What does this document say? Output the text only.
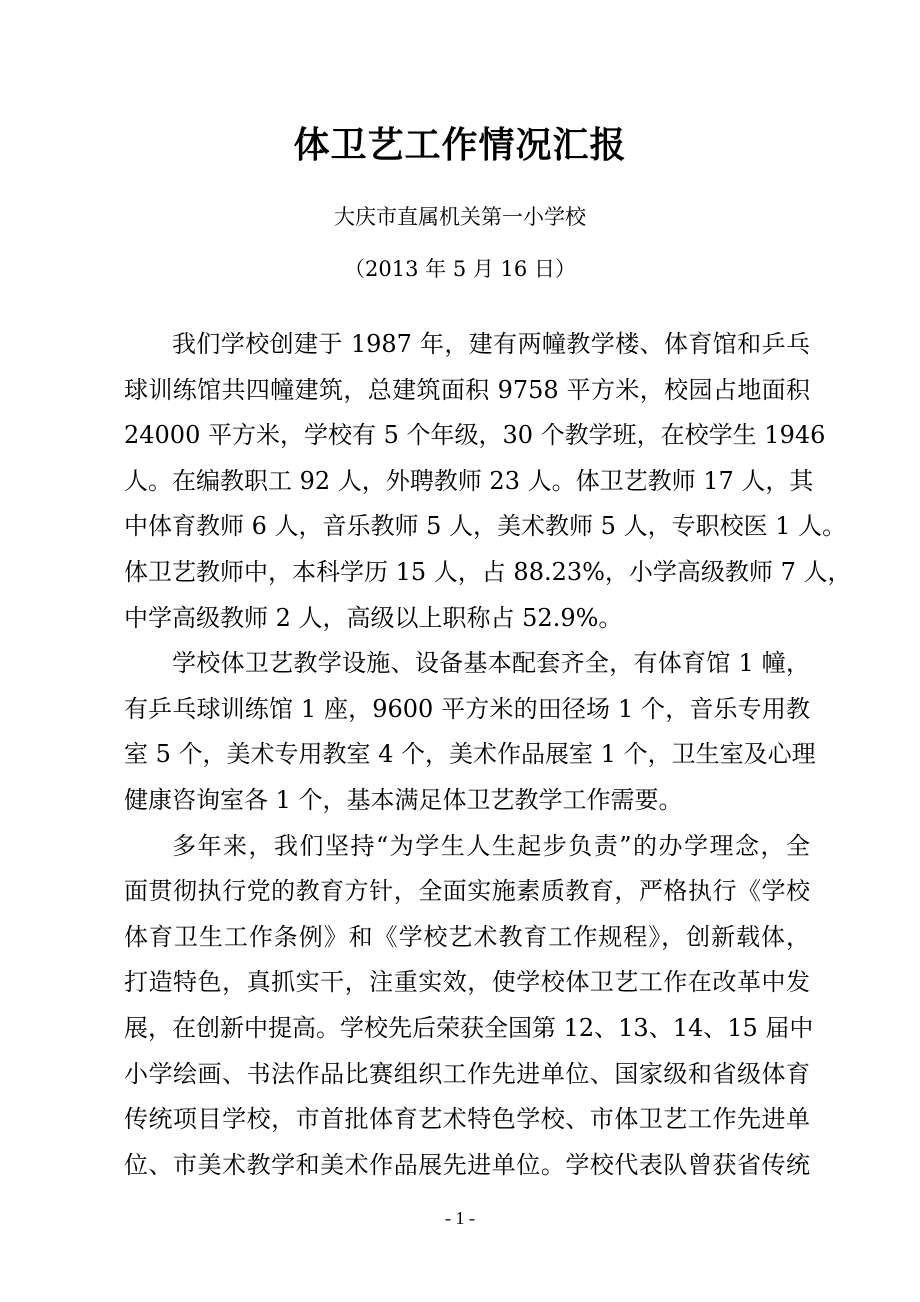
体卫艺工作情况汇报
大庆市直属机关第一小学校
（2013 年 5 月 16 日）
我们学校创建于 1987 年，建有两幢教学楼、体育馆和乒乓
球训练馆共四幢建筑，总建筑面积 9758 平方米，校园占地面积
24000 平方米，学校有 5 个年级，30 个教学班，在校学生 1946
人。在编教职工 92 人，外聘教师 23 人。体卫艺教师 17 人，其
中体育教师 6 人，音乐教师 5 人，美术教师 5 人，专职校医 1 人。
体卫艺教师中，本科学历 15 人，占 88.23%，小学高级教师 7 人，
中学高级教师 2 人，高级以上职称占 52.9%。
学校体卫艺教学设施、设备基本配套齐全，有体育馆 1 幢，
有乒乓球训练馆 1 座，9600 平方米的田径场 1 个，音乐专用教
室 5 个，美术专用教室 4 个，美术作品展室 1 个，卫生室及心理
健康咨询室各 1 个，基本满足体卫艺教学工作需要。
多年来，我们坚持“为学生人生起步负责”的办学理念，全
面贯彻执行党的教育方针，全面实施素质教育，严格执行《学校
体育卫生工作条例》和《学校艺术教育工作规程》，创新载体，
打造特色，真抓实干，注重实效，使学校体卫艺工作在改革中发
展，在创新中提高。学校先后荣获全国第 12、13、14、15 届中
小学绘画、书法作品比赛组织工作先进单位、国家级和省级体育
传统项目学校，市首批体育艺术特色学校、市体卫艺工作先进单
位、市美术教学和美术作品展先进单位。学校代表队曾获省传统
- 1 -
